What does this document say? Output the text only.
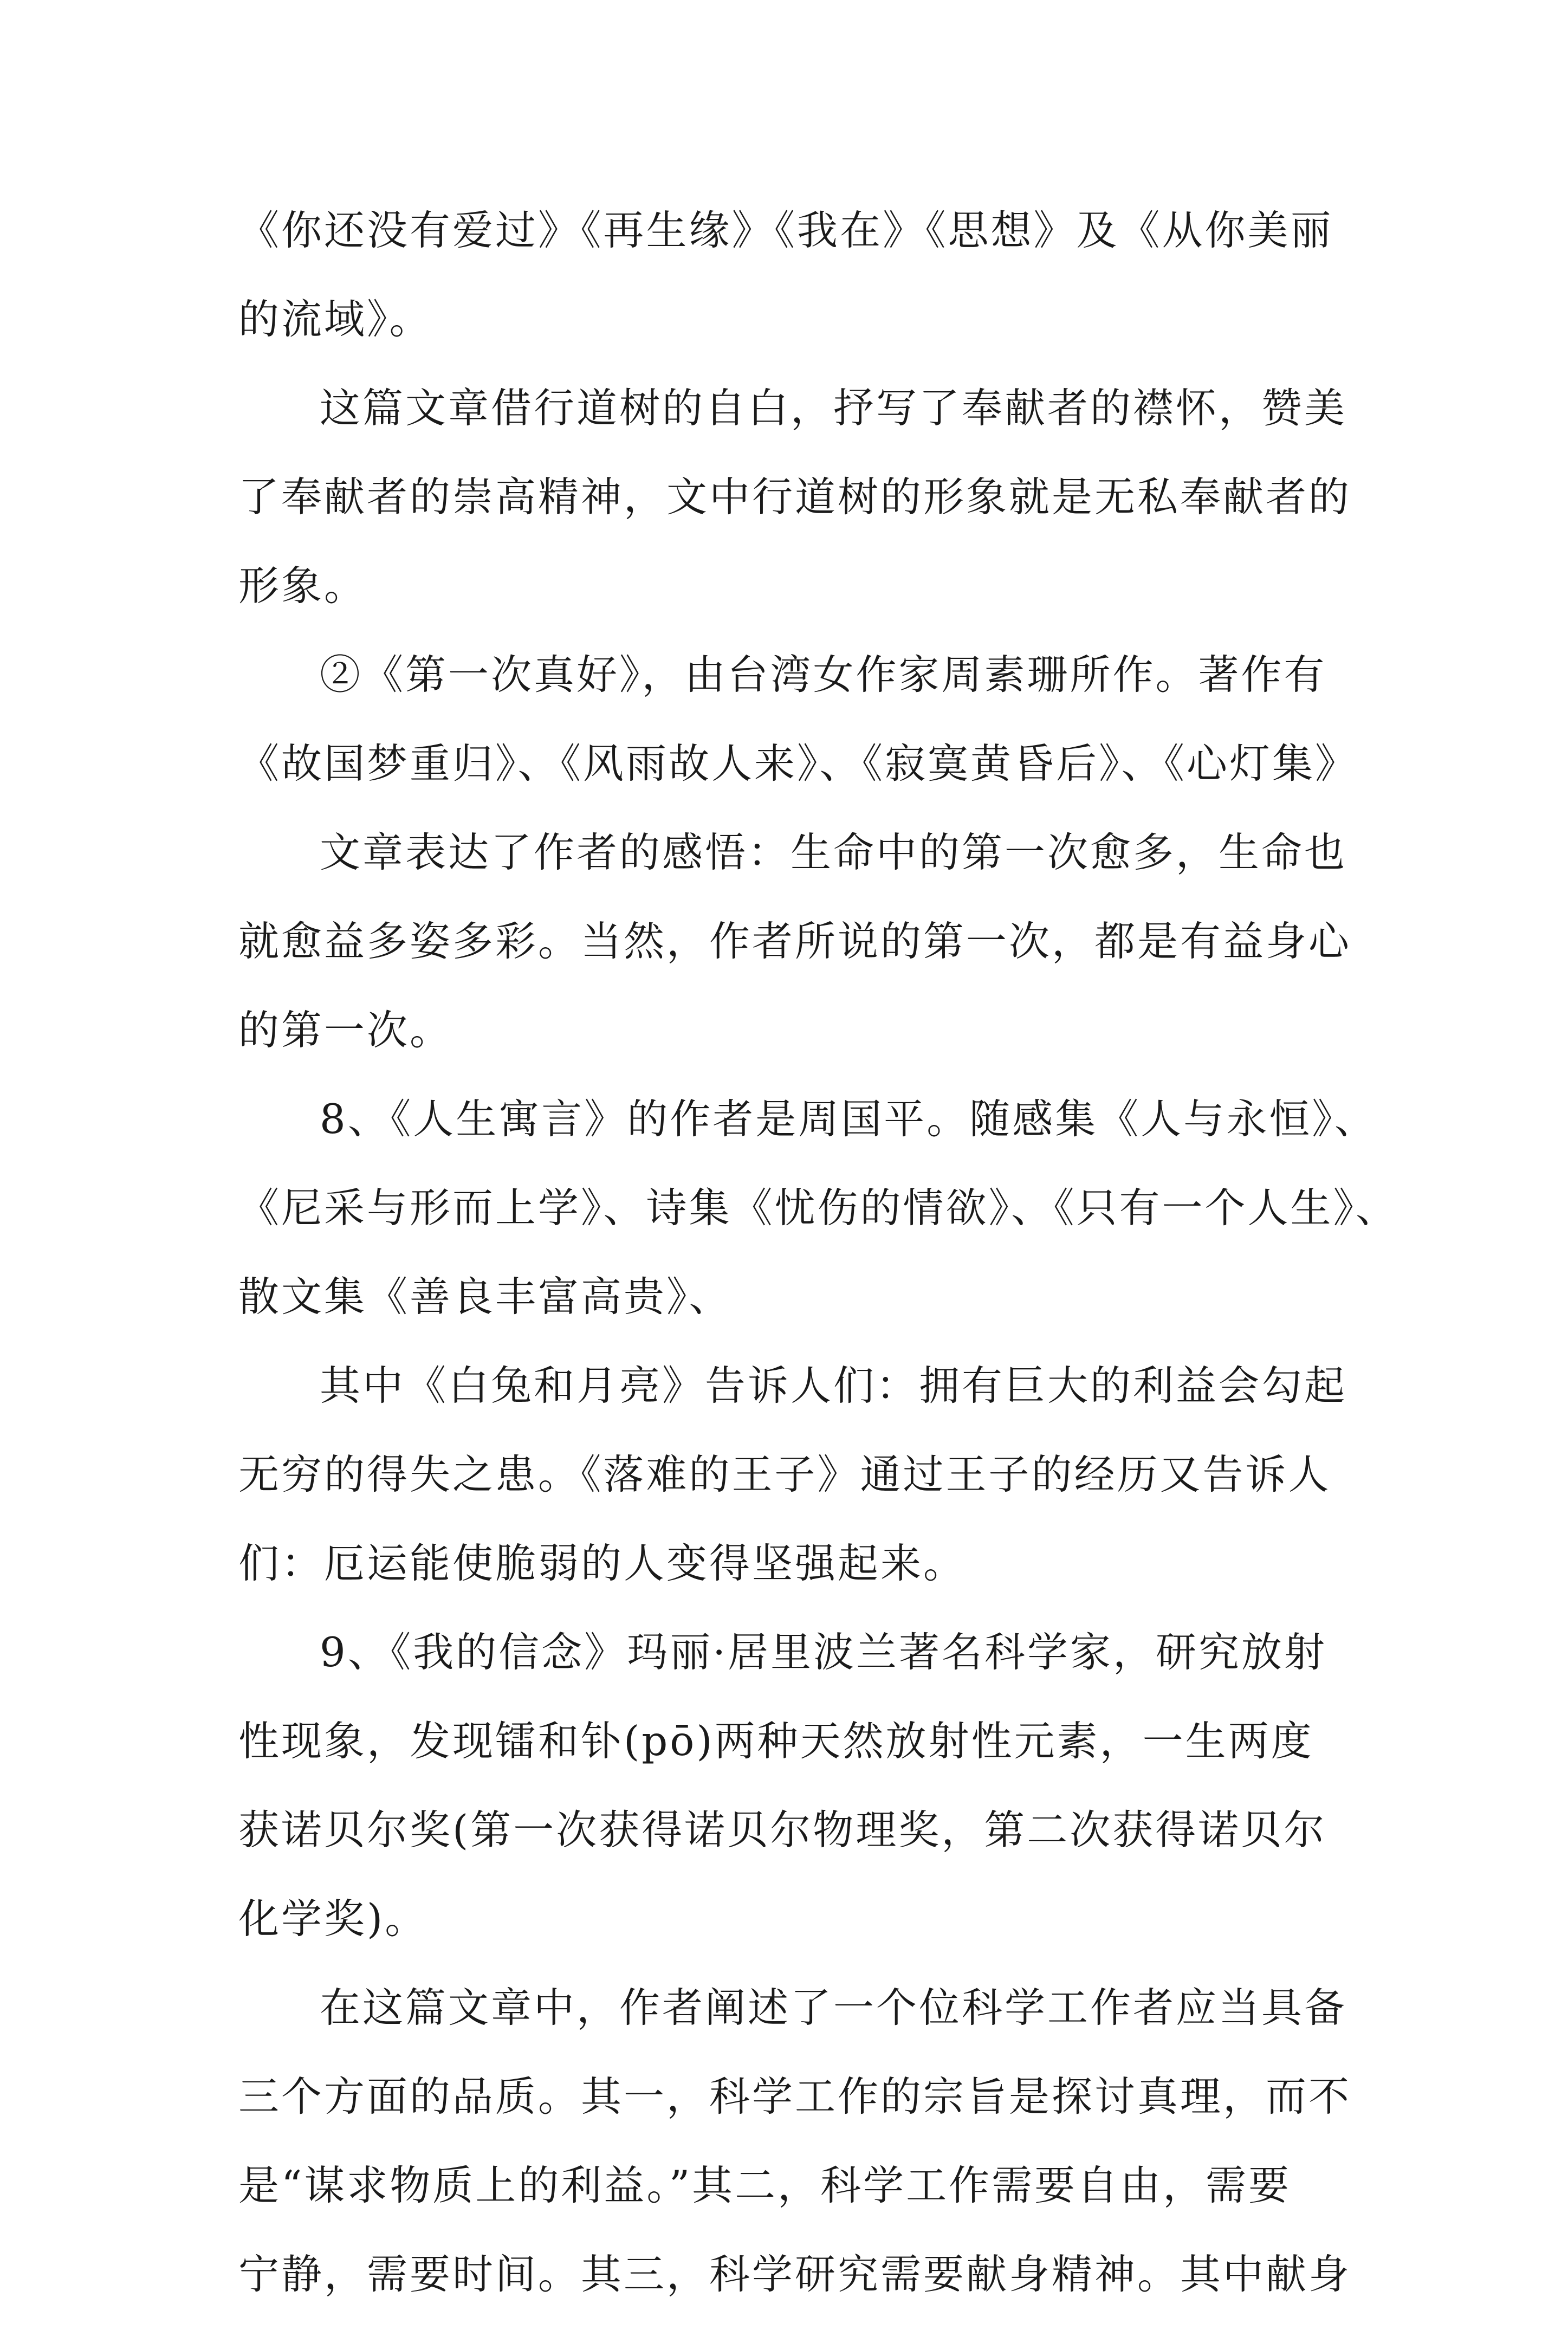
《你还没有爱过》《再生缘》《我在》《思想》及《从你美丽
的流域》。
这篇文章借行道树的自白，抒写了奉献者的襟怀，赞美
了奉献者的崇高精神，文中行道树的形象就是无私奉献者的
形象。
②《第一次真好》，由台湾女作家周素珊所作。著作有
《故国梦重归》、《风雨故人来》、《寂寞黄昏后》、《心灯集》
文章表达了作者的感悟：生命中的第一次愈多，生命也
就愈益多姿多彩。当然，作者所说的第一次，都是有益身心
的第一次。
8、《人生寓言》的作者是周国平。随感集《人与永恒》、
《尼采与形而上学》、诗集《忧伤的情欲》、《只有一个人生》、
散文集《善良丰富高贵》、
其中《白兔和月亮》告诉人们：拥有巨大的利益会勾起
无穷的得失之患。《落难的王子》通过王子的经历又告诉人
们：厄运能使脆弱的人变得坚强起来。
9、《我的信念》玛丽·居里波兰著名科学家，研究放射
性现象，发现镭和钋(pō)两种天然放射性元素，一生两度
获诺贝尔奖(第一次获得诺贝尔物理奖，第二次获得诺贝尔
化学奖)。
在这篇文章中，作者阐述了一个位科学工作者应当具备
三个方面的品质。其一，科学工作的宗旨是探讨真理，而不
是“谋求物质上的利益。”其二，科学工作需要自由，需要
宁静，需要时间。其三，科学研究需要献身精神。其中献身
